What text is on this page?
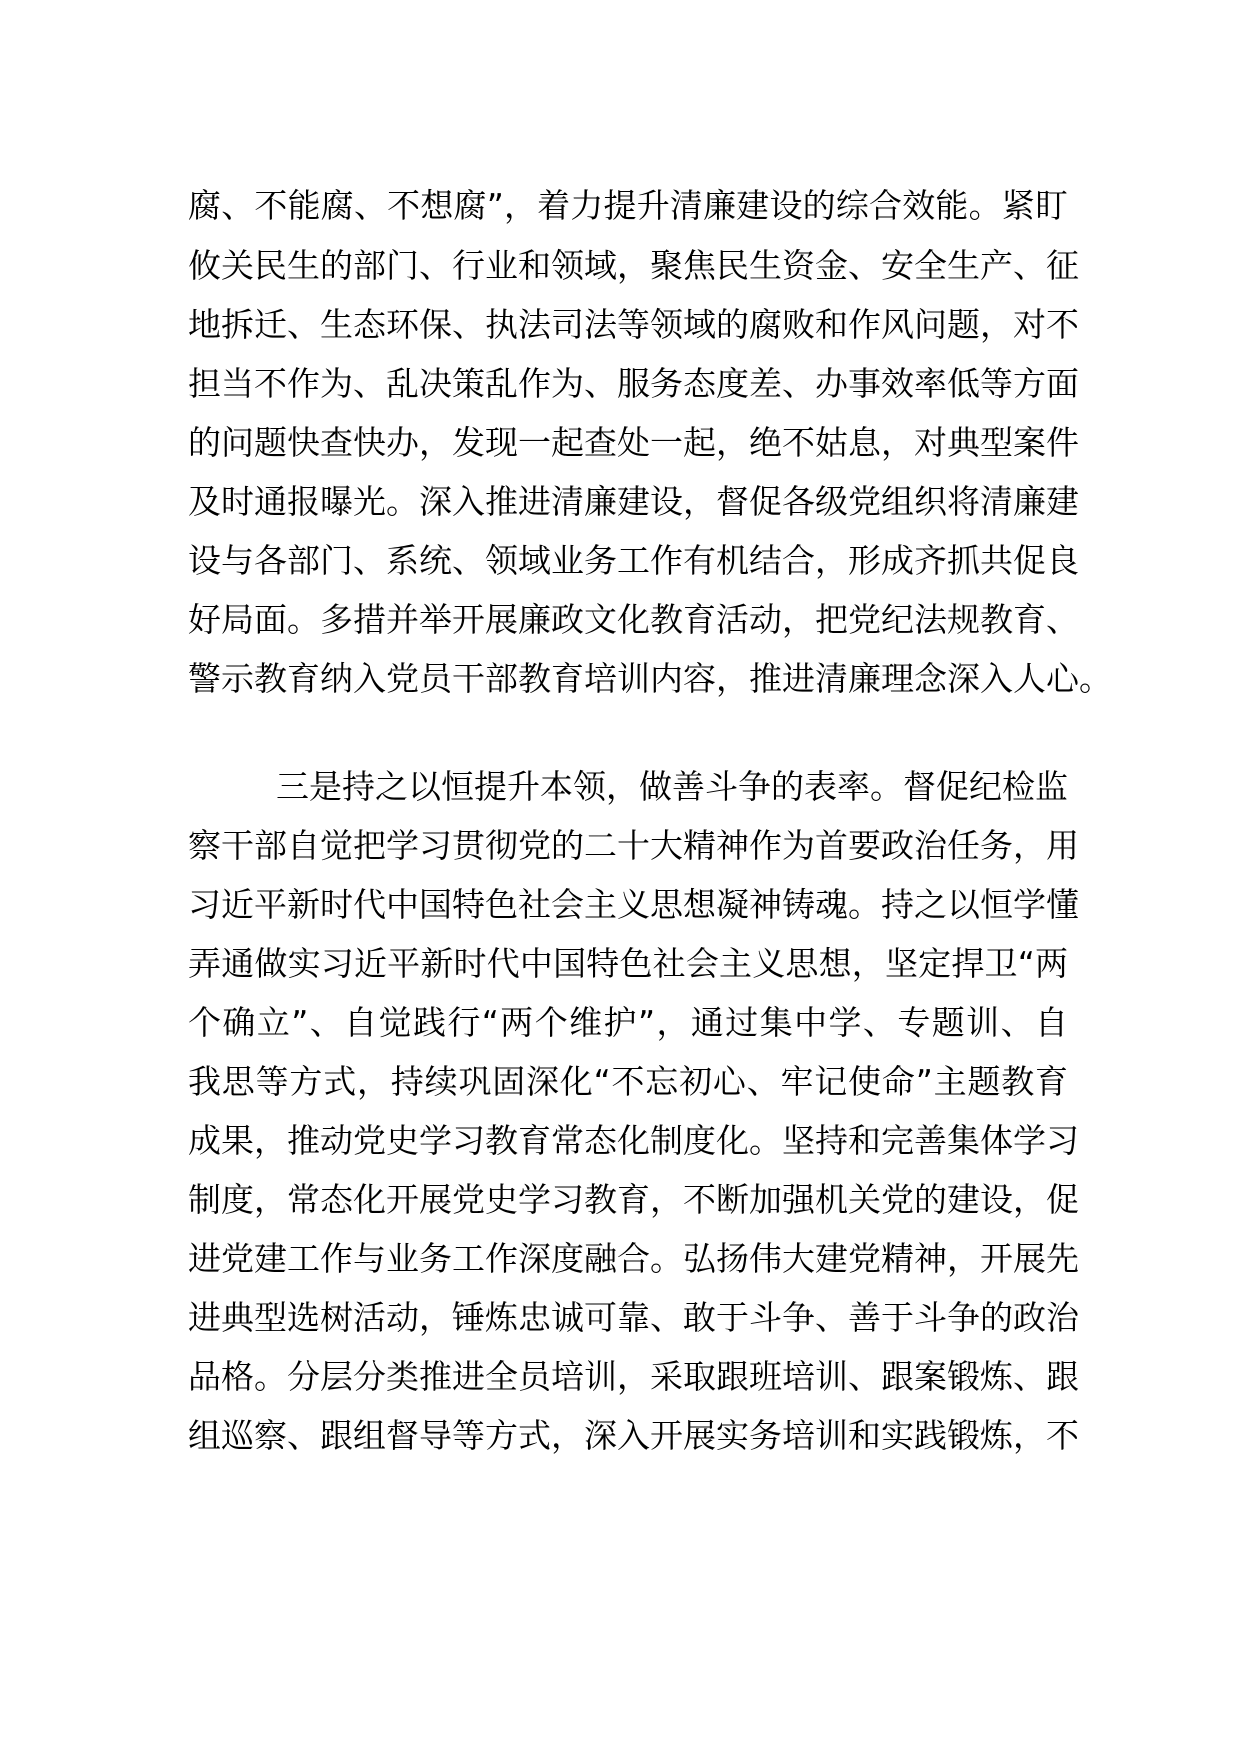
腐、不能腐、不想腐”，着力提升清廉建设的综合效能。紧盯
攸关民生的部门、行业和领域，聚焦民生资金、安全生产、征
地拆迁、生态环保、执法司法等领域的腐败和作风问题，对不
担当不作为、乱决策乱作为、服务态度差、办事效率低等方面
的问题快查快办，发现一起查处一起，绝不姑息，对典型案件
及时通报曝光。深入推进清廉建设，督促各级党组织将清廉建
设与各部门、系统、领域业务工作有机结合，形成齐抓共促良
好局面。多措并举开展廉政文化教育活动，把党纪法规教育、
警示教育纳入党员干部教育培训内容，推进清廉理念深入人心。
三是持之以恒提升本领，做善斗争的表率。督促纪检监
察干部自觉把学习贯彻党的二十大精神作为首要政治任务，用
习近平新时代中国特色社会主义思想凝神铸魂。持之以恒学懂
弄通做实习近平新时代中国特色社会主义思想，坚定捍卫“两
个确立”、自觉践行“两个维护”，通过集中学、专题训、自
我思等方式，持续巩固深化“不忘初心、牢记使命”主题教育
成果，推动党史学习教育常态化制度化。坚持和完善集体学习
制度，常态化开展党史学习教育，不断加强机关党的建设，促
进党建工作与业务工作深度融合。弘扬伟大建党精神，开展先
进典型选树活动，锤炼忠诚可靠、敢于斗争、善于斗争的政治
品格。分层分类推进全员培训，采取跟班培训、跟案锻炼、跟
组巡察、跟组督导等方式，深入开展实务培训和实践锻炼，不
